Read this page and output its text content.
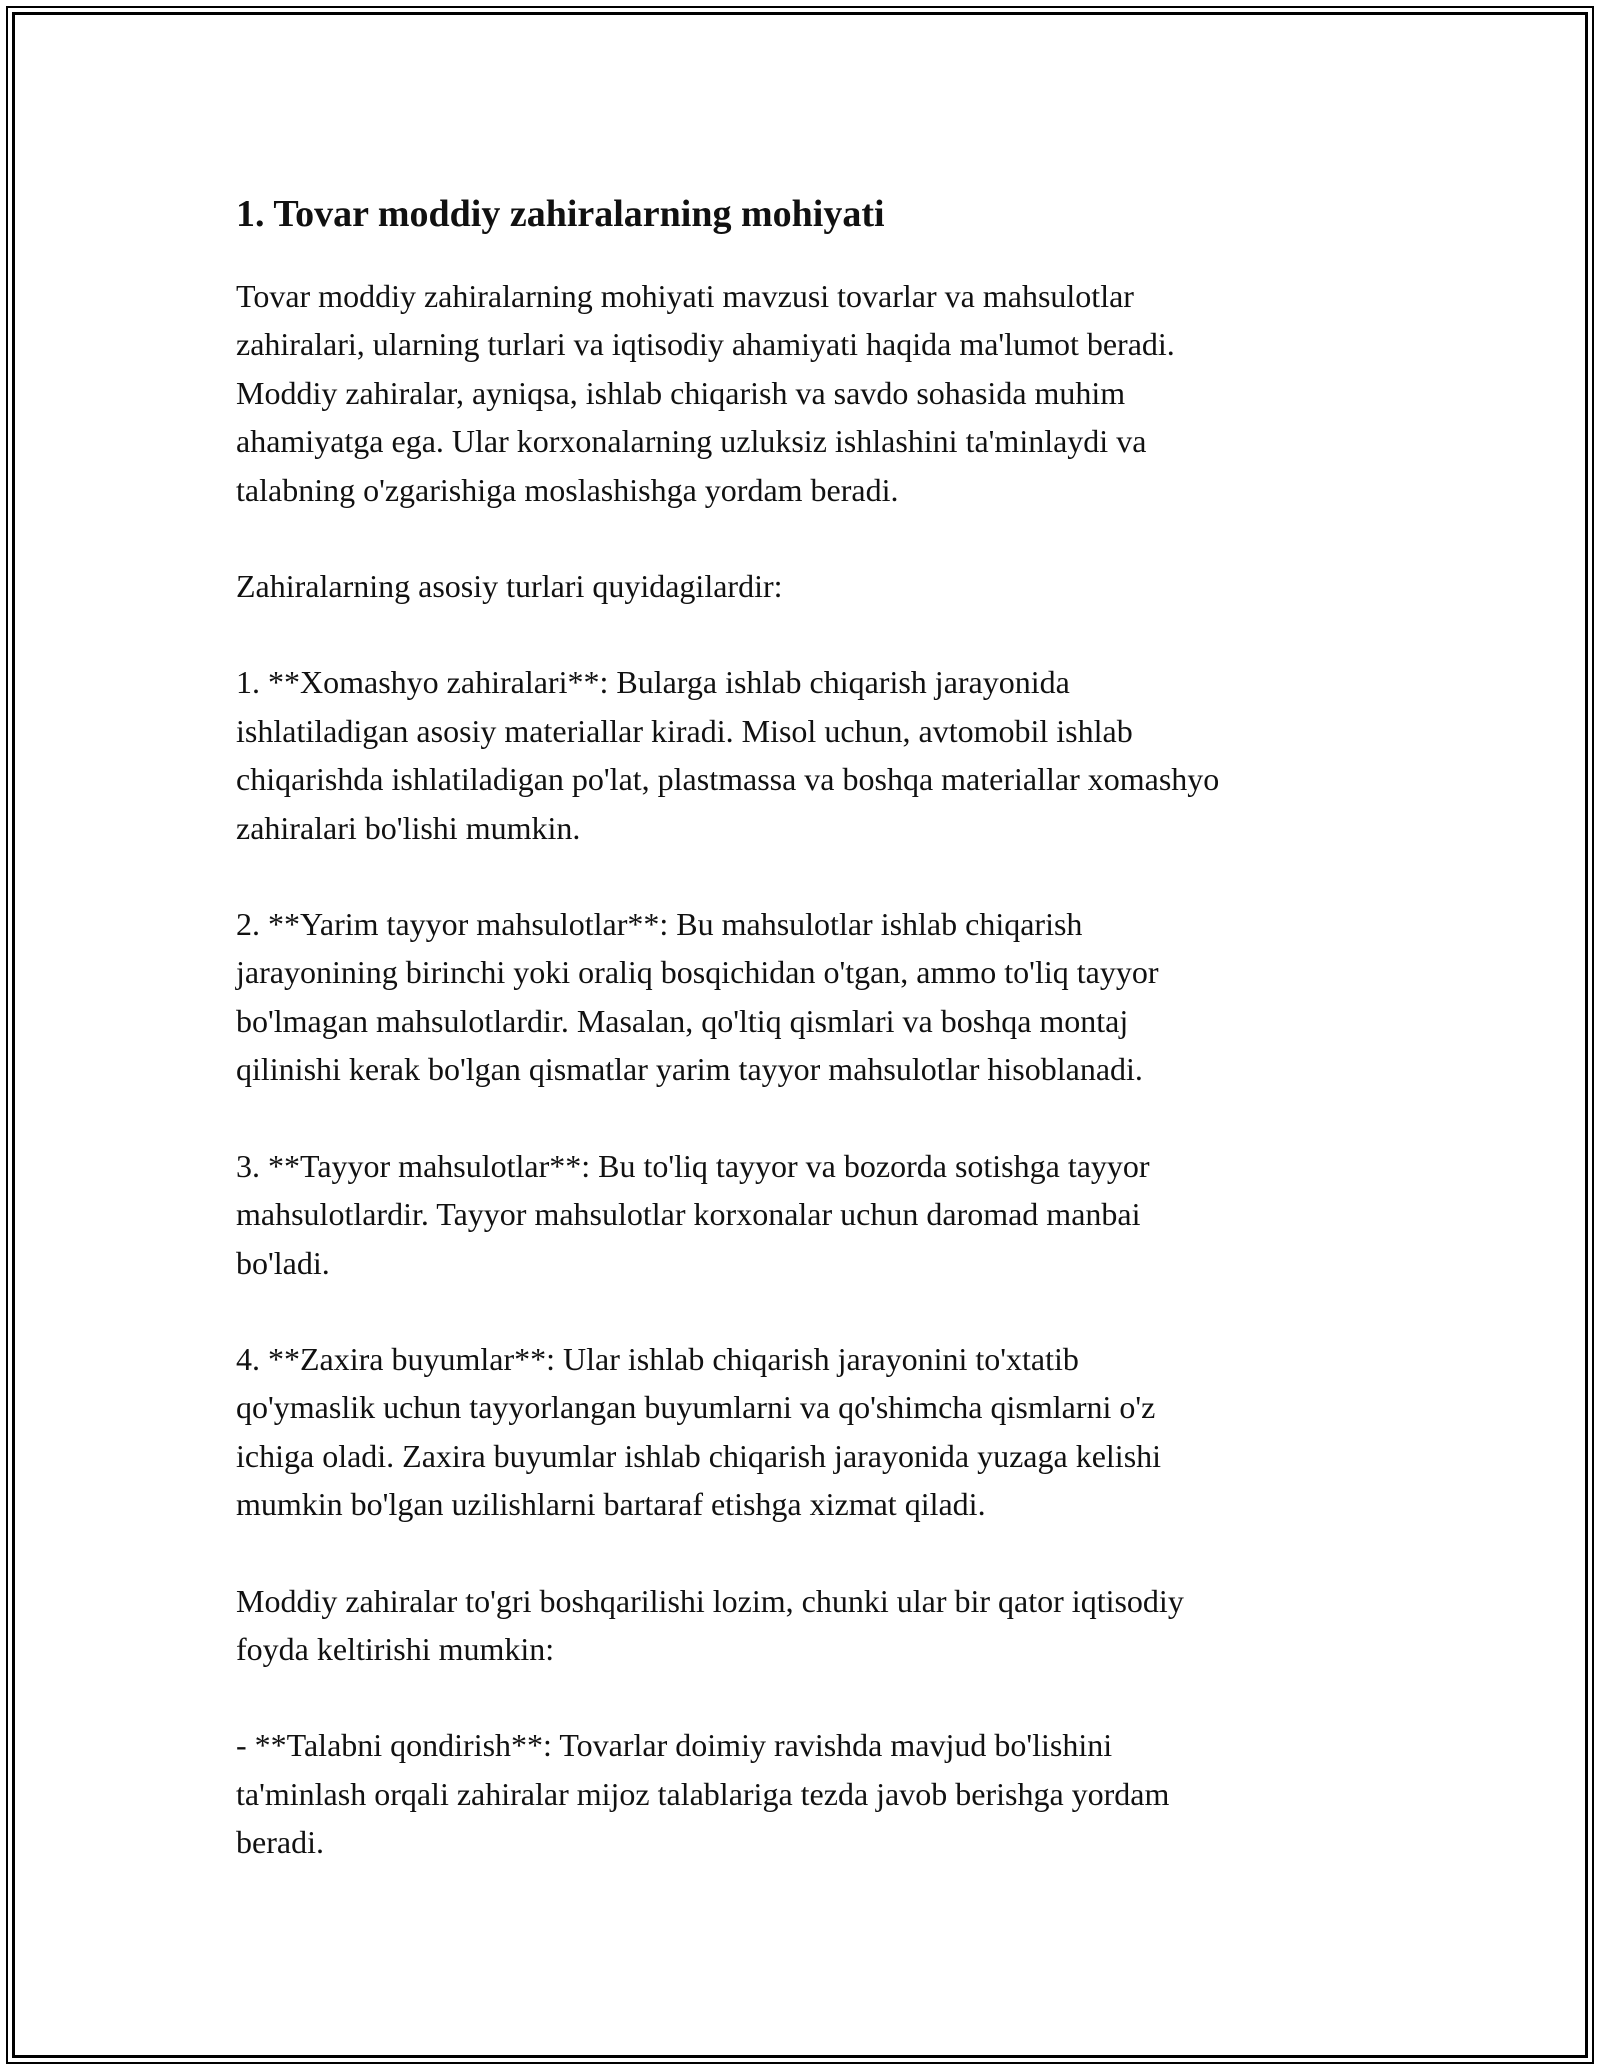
1. Tovar moddiy zahiralarning mohiyati

Tovar moddiy zahiralarning mohiyati mavzusi tovarlar va mahsulotlar
zahiralari, ularning turlari va iqtisodiy ahamiyati haqida ma'lumot beradi.
Moddiy zahiralar, ayniqsa, ishlab chiqarish va savdo sohasida muhim
ahamiyatga ega. Ular korxonalarning uzluksiz ishlashini ta'minlaydi va
talabning o'zgarishiga moslashishga yordam beradi.

Zahiralarning asosiy turlari quyidagilardir:

1. **Xomashyo zahiralari**: Bularga ishlab chiqarish jarayonida
ishlatiladigan asosiy materiallar kiradi. Misol uchun, avtomobil ishlab
chiqarishda ishlatiladigan po'lat, plastmassa va boshqa materiallar xomashyo
zahiralari bo'lishi mumkin.

2. **Yarim tayyor mahsulotlar**: Bu mahsulotlar ishlab chiqarish
jarayonining birinchi yoki oraliq bosqichidan o'tgan, ammo to'liq tayyor
bo'lmagan mahsulotlardir. Masalan, qo'ltiq qismlari va boshqa montaj
qilinishi kerak bo'lgan qismatlar yarim tayyor mahsulotlar hisoblanadi.

3. **Tayyor mahsulotlar**: Bu to'liq tayyor va bozorda sotishga tayyor
mahsulotlardir. Tayyor mahsulotlar korxonalar uchun daromad manbai
bo'ladi.

4. **Zaxira buyumlar**: Ular ishlab chiqarish jarayonini to'xtatib
qo'ymaslik uchun tayyorlangan buyumlarni va qo'shimcha qismlarni o'z
ichiga oladi. Zaxira buyumlar ishlab chiqarish jarayonida yuzaga kelishi
mumkin bo'lgan uzilishlarni bartaraf etishga xizmat qiladi.

Moddiy zahiralar to'gri boshqarilishi lozim, chunki ular bir qator iqtisodiy
foyda keltirishi mumkin:

- **Talabni qondirish**: Tovarlar doimiy ravishda mavjud bo'lishini
ta'minlash orqali zahiralar mijoz talablariga tezda javob berishga yordam
beradi.
